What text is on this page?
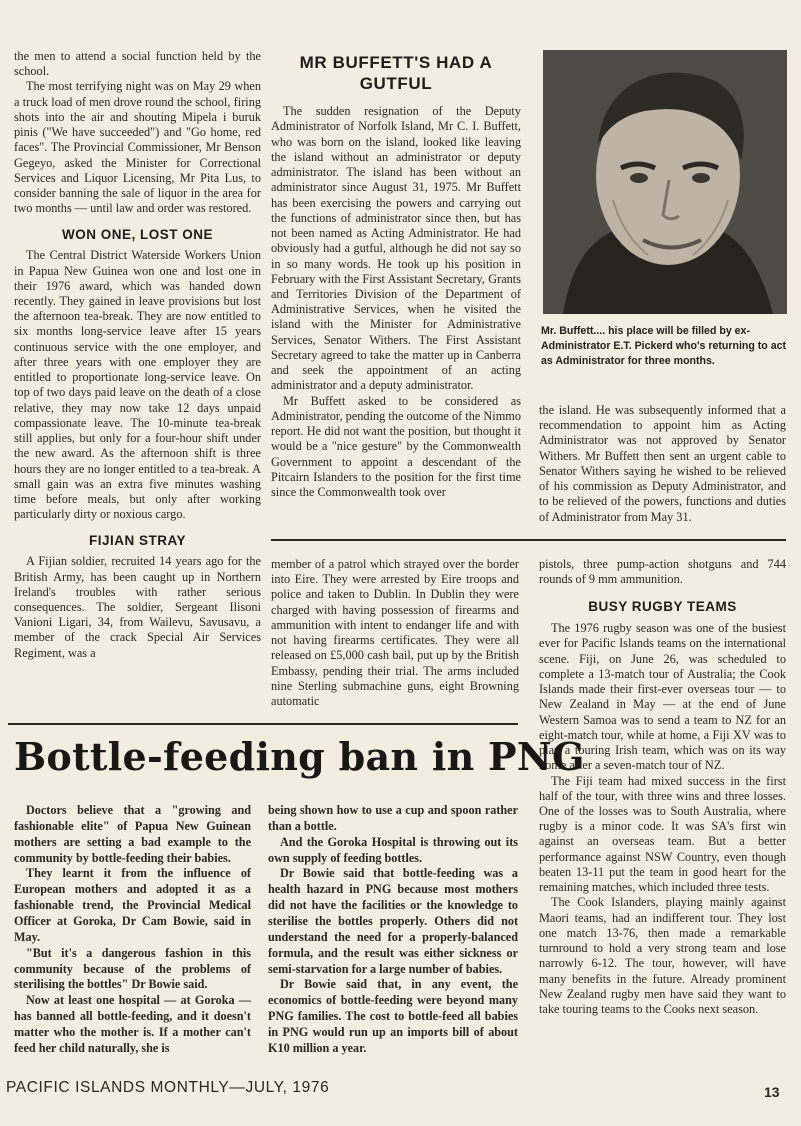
the men to attend a social function held by the school.

The most terrifying night was on May 29 when a truck load of men drove round the school, firing shots into the air and shouting Mipela i buruk pinis ("We have succeeded") and "Go home, red faces". The Provincial Commissioner, Mr Benson Gegeyo, asked the Minister for Correctional Services and Liquor Licensing, Mr Pita Lus, to consider banning the sale of liquor in the area for two months — until law and order was restored.

WON ONE, LOST ONE

The Central District Waterside Workers Union in Papua New Guinea won one and lost one in their 1976 award, which was handed down recently. They gained in leave provisions but lost the afternoon tea-break. They are now entitled to six months long-service leave after 15 years continuous service with the one employer, and after three years with one employer they are entitled to proportionate long-service leave. On top of two days paid leave on the death of a close relative, they may now take 12 days unpaid compassionate leave. The 10-minute tea-break still applies, but only for a four-hour shift under the new award. As the afternoon shift is three hours they are no longer entitled to a tea-break. A small gain was an extra five minutes washing time before meals, but only after working particularly dirty or noxious cargo.

FIJIAN STRAY

A Fijian soldier, recruited 14 years ago for the British Army, has been caught up in Northern Ireland's troubles with rather serious consequences. The soldier, Sergeant Ilisoni Vanioni Ligari, 34, from Wailevu, Savusavu, a member of the crack Special Air Services Regiment, was a

MR BUFFETT'S HAD A GUTFUL

The sudden resignation of the Deputy Administrator of Norfolk Island, Mr C. I. Buffett, who was born on the island, looked like leaving the island without an administrator or deputy administrator. The island has been without an administrator since August 31, 1975. Mr Buffett has been exercising the powers and carrying out the functions of administrator since then, but has not been named as Acting Administrator. He had obviously had a gutful, although he did not say so in so many words. He took up his position in February with the First Assistant Secretary, Grants and Territories Division of the Department of Administrative Services, when he visited the island with the Minister for Administrative Services, Senator Withers. The First Assistant Secretary agreed to take the matter up in Canberra and seek the appointment of an acting administrator and a deputy administrator.

Mr Buffett asked to be considered as Administrator, pending the outcome of the Nimmo report. He did not want the position, but thought it would be a "nice gesture" by the Commonwealth Government to appoint a descendant of the Pitcairn Islanders to the position for the first time since the Commonwealth took over

Mr. Buffett.... his place will be filled by ex-Administrator E.T. Pickerd who's returning to act as Administrator for three months.

the island. He was subsequently informed that a recommendation to appoint him as Acting Administrator was not approved by Senator Withers. Mr Buffett then sent an urgent cable to Senator Withers saying he wished to be relieved of his commission as Deputy Administrator, and to be relieved of the powers, functions and duties of Administrator from May 31.

member of a patrol which strayed over the border into Eire. They were arrested by Eire troops and police and taken to Dublin. In Dublin they were charged with having possession of firearms and ammunition with intent to endanger life and with not having firearms certificates. They were all released on £5,000 cash bail, put up by the British Embassy, pending their trial. The arms included nine Sterling submachine guns, eight Browning automatic

pistols, three pump-action shotguns and 744 rounds of 9 mm ammunition.

BUSY RUGBY TEAMS

The 1976 rugby season was one of the busiest ever for Pacific Islands teams on the international scene. Fiji, on June 26, was scheduled to complete a 13-match tour of Australia; the Cook Islands made their first-ever overseas tour — to New Zealand in May — at the end of June Western Samoa was to send a team to NZ for an eight-match tour, while at home, a Fiji XV was to play a touring Irish team, which was on its way home after a seven-match tour of NZ.

The Fiji team had mixed success in the first half of the tour, with three wins and three losses. One of the losses was to South Australia, where rugby is a minor code. It was SA's first win against an overseas team. But a better performance against NSW Country, even though beaten 13-11 put the team in good heart for the remaining matches, which included three tests.

The Cook Islanders, playing mainly against Maori teams, had an indifferent tour. They lost one match 13-76, then made a remarkable turnround to hold a very strong team and lose narrowly 6-12. The tour, however, will have many benefits in the future. Already prominent New Zealand rugby men have said they want to take touring teams to the Cooks next season.

Bottle-feeding ban in PNG

Doctors believe that a "growing and fashionable elite" of Papua New Guinean mothers are setting a bad example to the community by bottle-feeding their babies.

They learnt it from the influence of European mothers and adopted it as a fashionable trend, the Provincial Medical Officer at Goroka, Dr Cam Bowie, said in May.

"But it's a dangerous fashion in this community because of the problems of sterilising the bottles" Dr Bowie said.

Now at least one hospital — at Goroka — has banned all bottle-feeding, and it doesn't matter who the mother is. If a mother can't feed her child naturally, she is

being shown how to use a cup and spoon rather than a bottle.

And the Goroka Hospital is throwing out its own supply of feeding bottles.

Dr Bowie said that bottle-feeding was a health hazard in PNG because most mothers did not have the facilities or the knowledge to sterilise the bottles properly. Others did not understand the need for a properly-balanced formula, and the result was either sickness or semi-starvation for a large number of babies.

Dr Bowie said that, in any event, the economics of bottle-feeding were beyond many PNG families. The cost to bottle-feed all babies in PNG would run up an imports bill of about K10 million a year.

PACIFIC ISLANDS MONTHLY—JULY, 1976	13
